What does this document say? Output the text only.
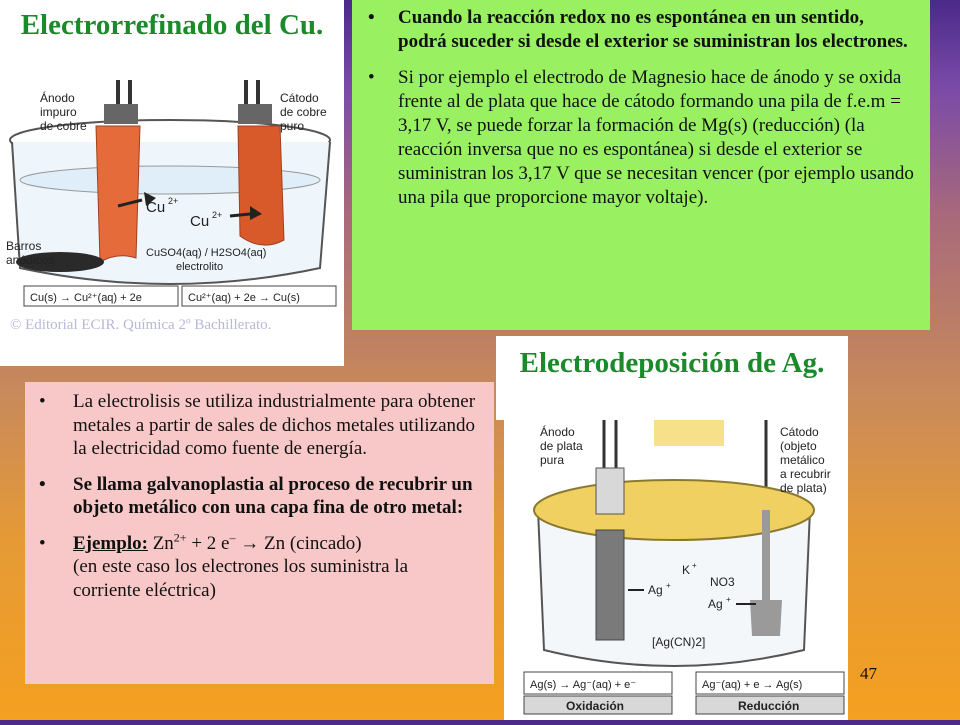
Ánodo
impuro
de cobre
Cátodo
de cobre
puro
Cu 2+
Cu 2+
Barros
anódicos	CuSO4(aq) / H2SO4(aq)
electrolito
Cu(s) → Cu²⁺(aq) + 2e	Cu²⁺(aq) + 2e → Cu(s)
Electrorrefinado del Cu.
© Editorial ECIR. Química 2º Bachillerato.
• Cuando la reacción redox no es espontánea en un sentido, podrá suceder si desde el exterior se suministran los electrones.
• Si por ejemplo el electrodo de Magnesio hace de ánodo y se oxida frente al de plata que hace de cátodo formando una pila de f.e.m = 3,17 V, se puede forzar la formación de Mg(s) (reducción) (la reacción inversa que no es espontánea) si desde el exterior se suministran los 3,17 V que se necesitan vencer (por ejemplo usando una pila que proporcione mayor voltaje).
• La electrolisis se utiliza industrialmente para obtener metales a partir de sales de dichos metales utilizando la electricidad como fuente de energía.
• Se llama galvanoplastia al proceso de recubrir un objeto metálico con una capa fina de otro metal:
• Ejemplo: $Zn^{2+} + 2$ e– → Zn (cincado)
(en este caso los electrones los suministra la corriente eléctrica)
Electrodeposición de Ag.
Ánodo
de plata
pura
Cátodo
(objeto
metálico
a recubrir
de plata)
K +
NO3
Ag +
Ag +
[Ag(CN)2]
Ag(s) → Ag⁻(aq) + e⁻	Ag⁻(aq) + e → Ag(s)
Oxidación	Reducción
47
